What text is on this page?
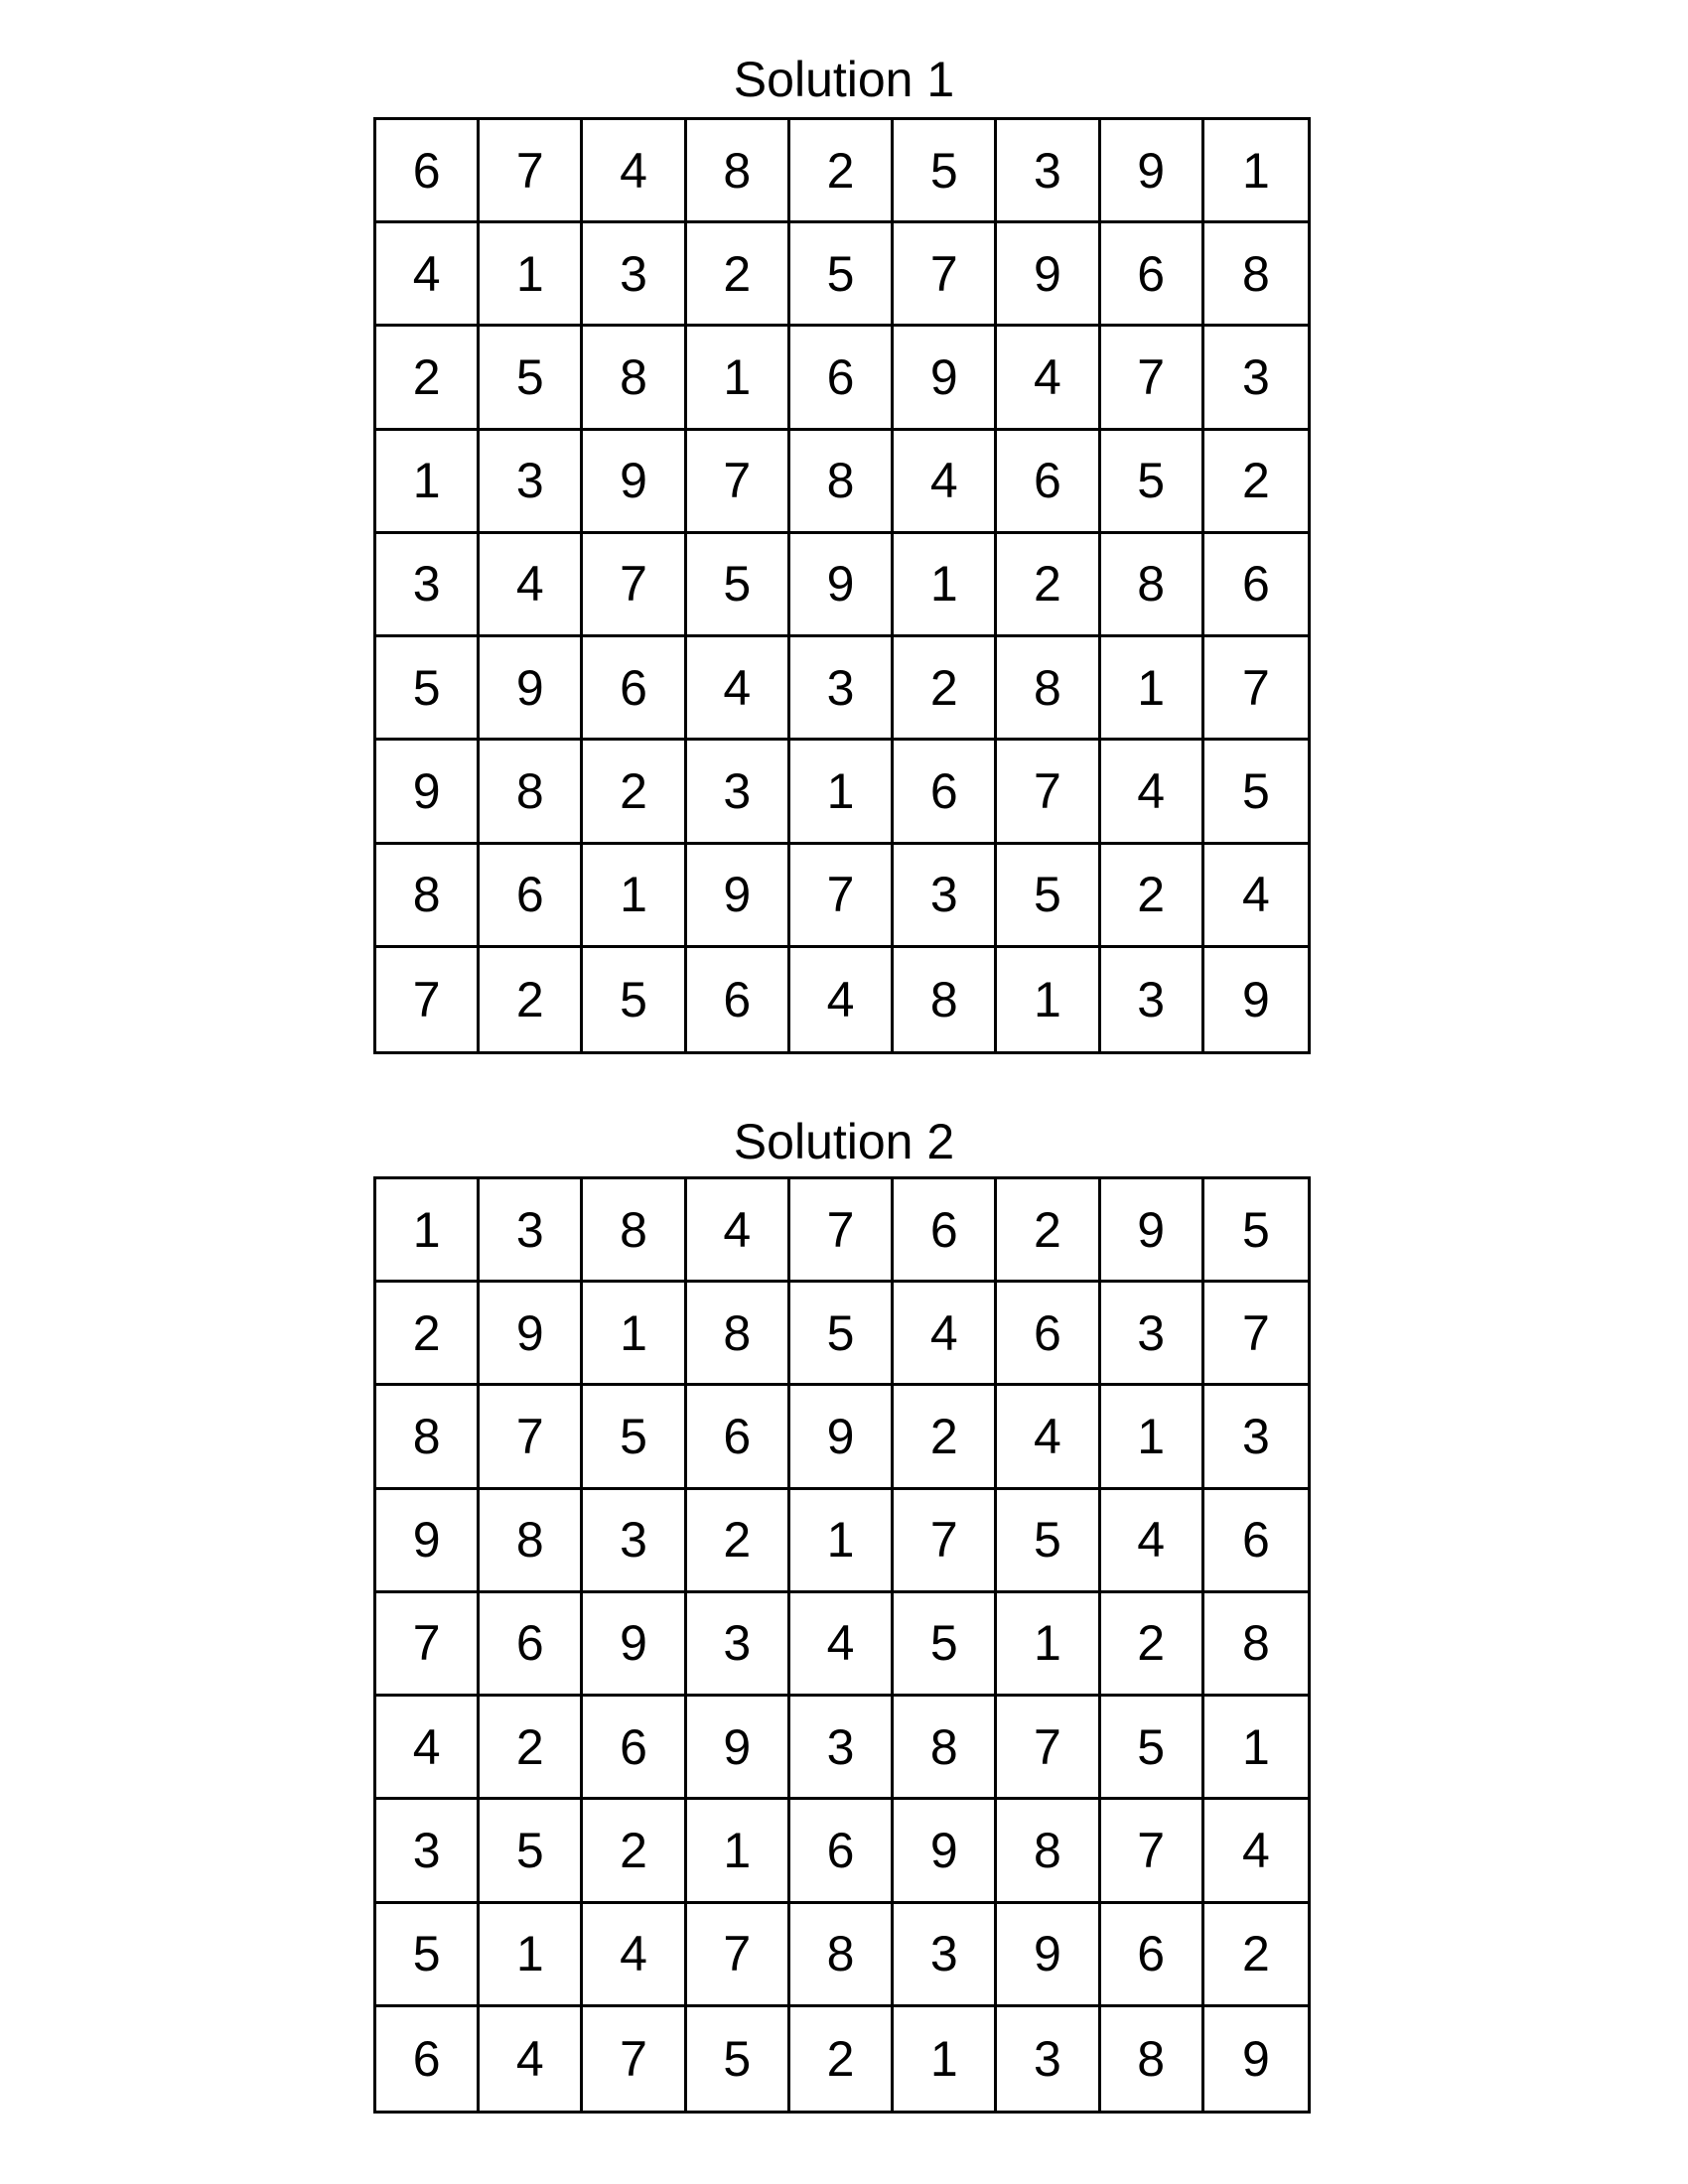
Solution 1
6	7	4	8	2	5	3	9	1
4	1	3	2	5	7	9	6	8
2	5	8	1	6	9	4	7	3
1	3	9	7	8	4	6	5	2
3	4	7	5	9	1	2	8	6
5	9	6	4	3	2	8	1	7
9	8	2	3	1	6	7	4	5
8	6	1	9	7	3	5	2	4
7	2	5	6	4	8	1	3	9
Solution 2
1	3	8	4	7	6	2	9	5
2	9	1	8	5	4	6	3	7
8	7	5	6	9	2	4	1	3
9	8	3	2	1	7	5	4	6
7	6	9	3	4	5	1	2	8
4	2	6	9	3	8	7	5	1
3	5	2	1	6	9	8	7	4
5	1	4	7	8	3	9	6	2
6	4	7	5	2	1	3	8	9
